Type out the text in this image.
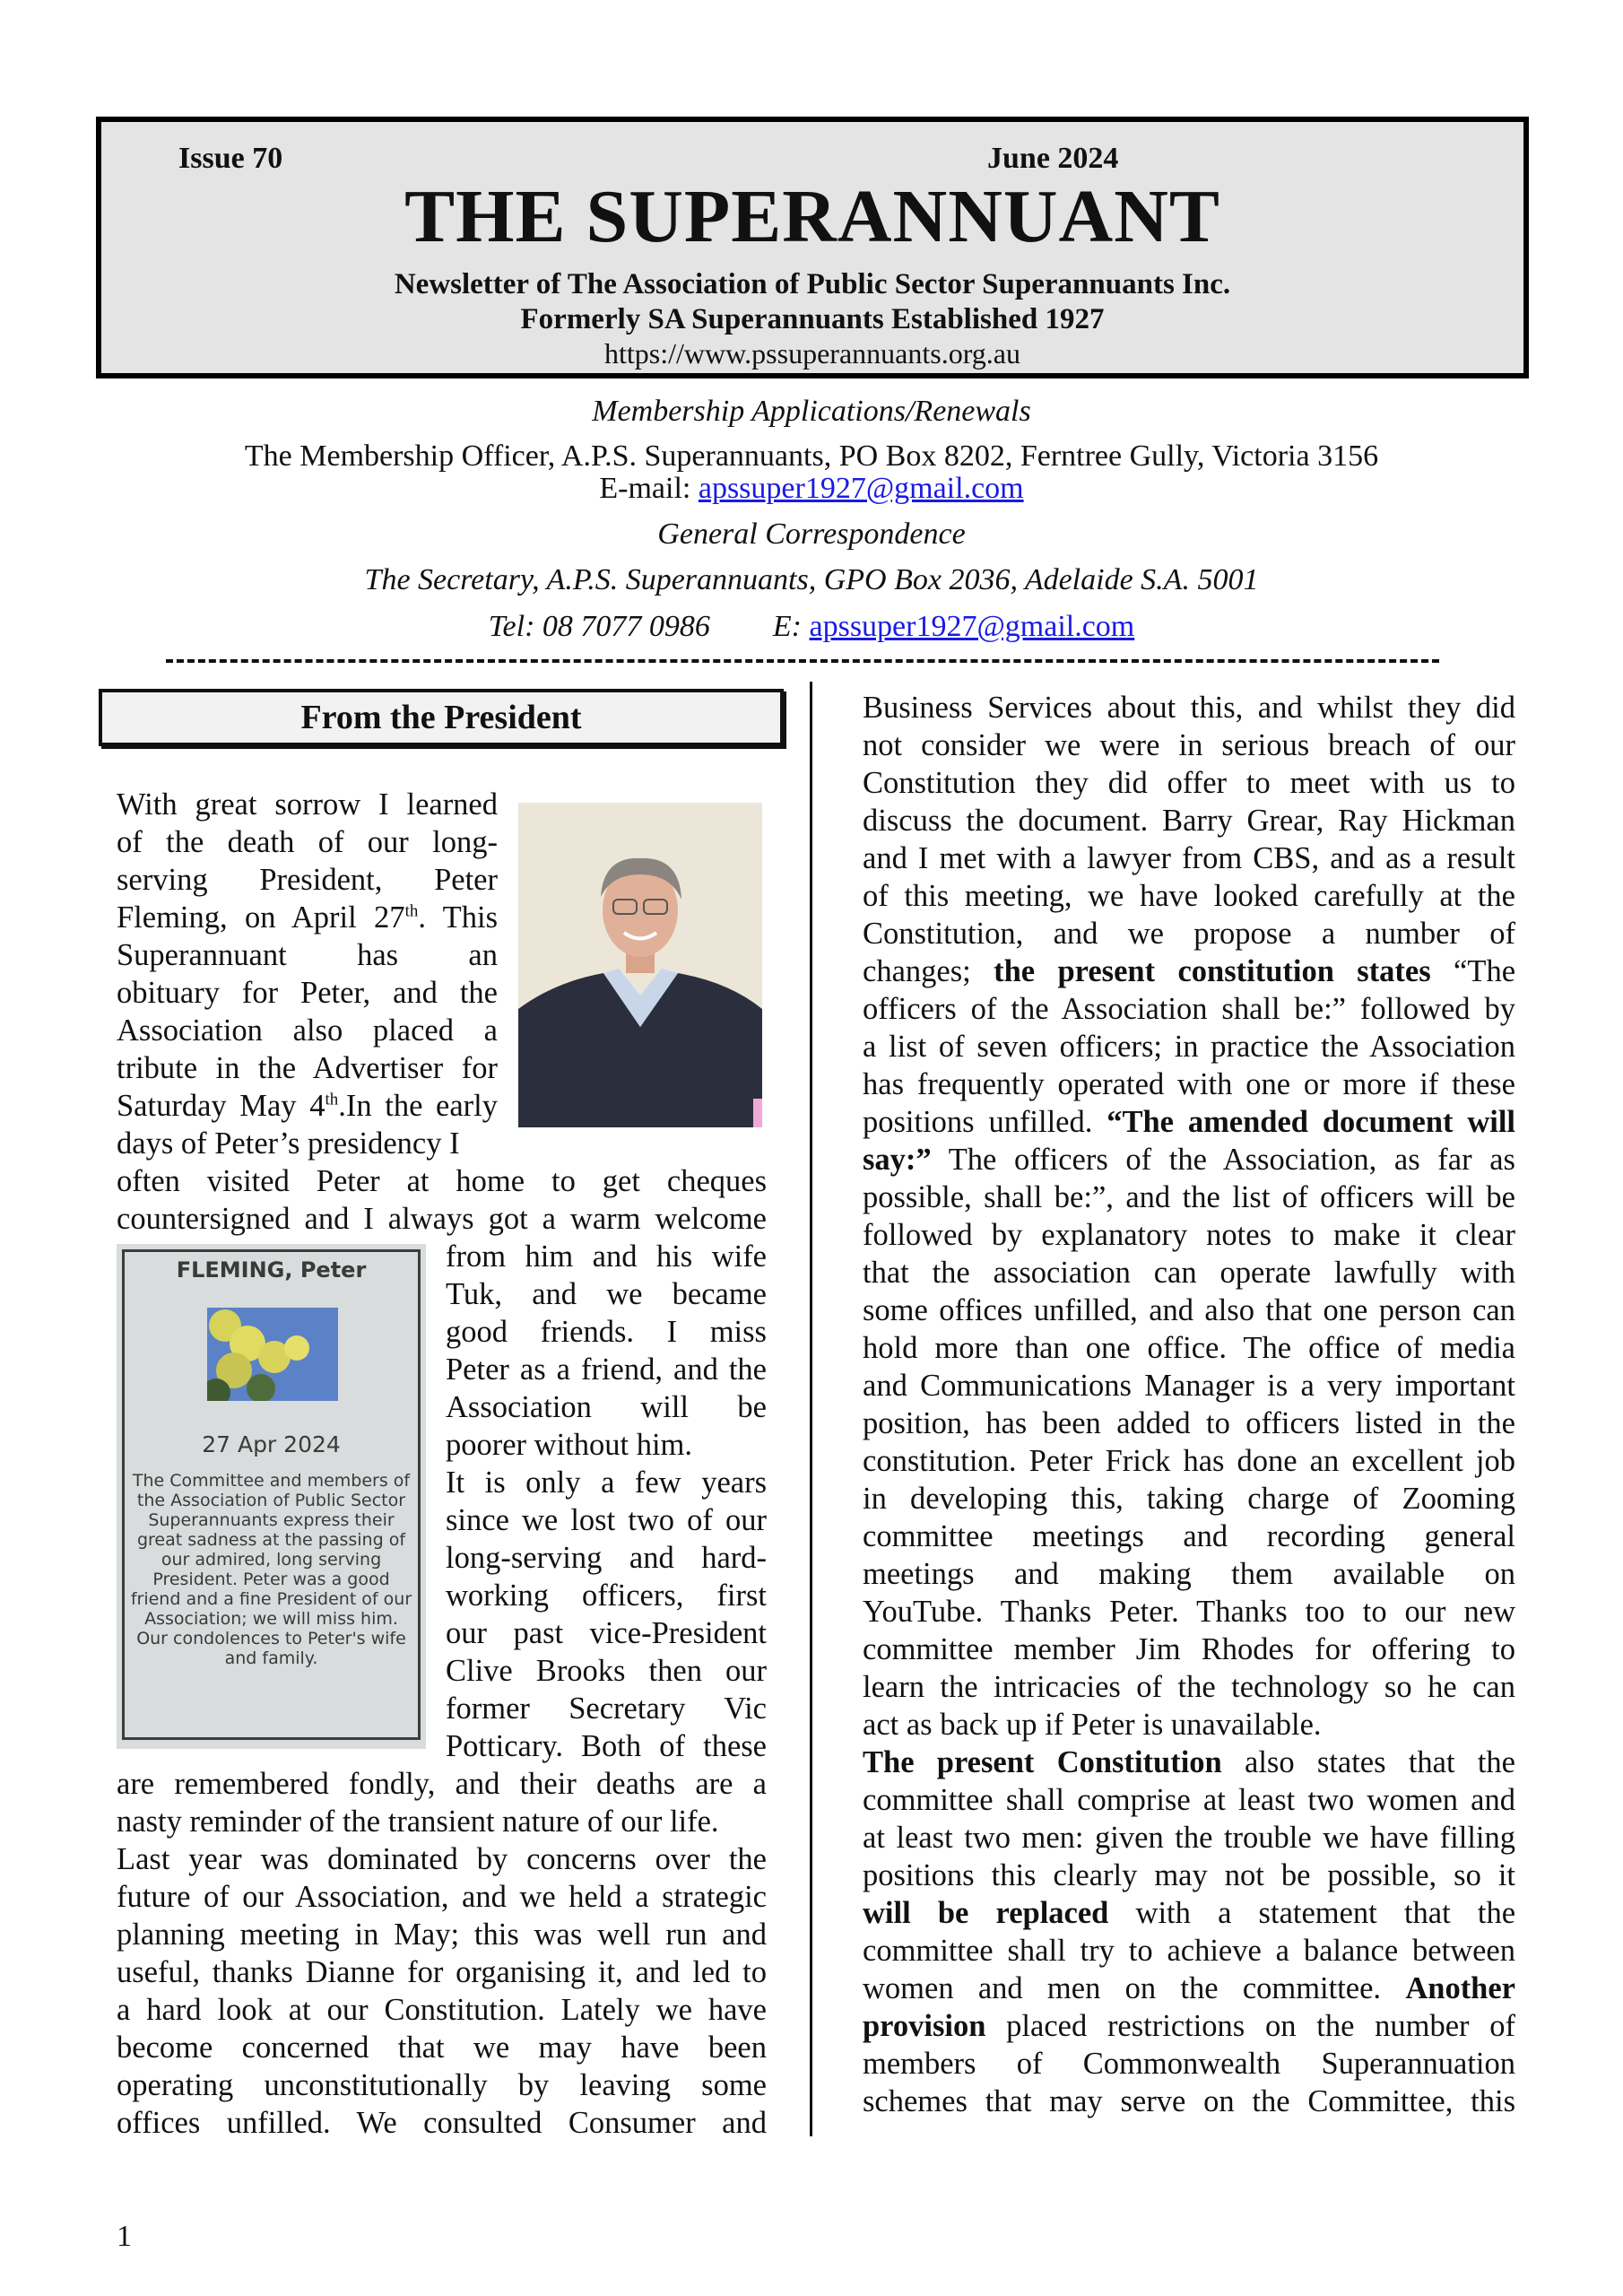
Issue 70	June 2024
THE SUPERANNUANT
Newsletter of The Association of Public Sector Superannuants Inc.
Formerly SA Superannuants Established 1927
https://www.pssuperannuants.org.au
Membership Applications/Renewals
The Membership Officer, A.P.S. Superannuants, PO Box 8202, Ferntree Gully, Victoria 3156
E-mail: apssuper1927@gmail.com
General Correspondence
The Secretary, A.P.S. Superannuants, GPO Box 2036, Adelaide S.A. 5001
Tel: 08 7077 0986 E: apssuper1927@gmail.com
From the President
With great sorrow I learned
of the death of our long-
serving President, Peter
Fleming, on April 27th. This
Superannuant has an
obituary for Peter, and the
Association also placed a
tribute in the Advertiser for
Saturday May 4th.In the early
days of Peter’s presidency I
often visited Peter at home to get cheques
countersigned and I always got a warm welcome
from him and his wife
Tuk, and we became
good friends. I miss
Peter as a friend, and the
Association will be
poorer without him.
It is only a few years
since we lost two of our
long-serving and hard-
working officers, first
our past vice-President
Clive Brooks then our
former Secretary Vic
Potticary. Both of these
are remembered fondly, and their deaths are a
nasty reminder of the transient nature of our life.
Last year was dominated by concerns over the
future of our Association, and we held a strategic
planning meeting in May; this was well run and
useful, thanks Dianne for organising it, and led to
a hard look at our Constitution. Lately we have
become concerned that we may have been
operating unconstitutionally by leaving some
offices unfilled. We consulted Consumer and
FLEMING, Peter
27 Apr 2024
The Committee and members of the Association of Public Sector Superannuants express their great sadness at the passing of our admired, long serving President. Peter was a good friend and a fine President of our Association; we will miss him. Our condolences to Peter's wife and family.
Business Services about this, and whilst they did
not consider we were in serious breach of our
Constitution they did offer to meet with us to
discuss the document. Barry Grear, Ray Hickman
and I met with a lawyer from CBS, and as a result
of this meeting, we have looked carefully at the
Constitution, and we propose a number of
changes; the present constitution states “The
officers of the Association shall be:” followed by
a list of seven officers; in practice the Association
has frequently operated with one or more if these
positions unfilled. “The amended document will
say:” The officers of the Association, as far as
possible, shall be:”, and the list of officers will be
followed by explanatory notes to make it clear
that the association can operate lawfully with
some offices unfilled, and also that one person can
hold more than one office. The office of media
and Communications Manager is a very important
position, has been added to officers listed in the
constitution. Peter Frick has done an excellent job
in developing this, taking charge of Zooming
committee meetings and recording general
meetings and making them available on
YouTube. Thanks Peter. Thanks too to our new
committee member Jim Rhodes for offering to
learn the intricacies of the technology so he can
act as back up if Peter is unavailable.
The present Constitution also states that the
committee shall comprise at least two women and
at least two men: given the trouble we have filling
positions this clearly may not be possible, so it
will be replaced with a statement that the
committee shall try to achieve a balance between
women and men on the committee. Another
provision placed restrictions on the number of
members of Commonwealth Superannuation
schemes that may serve on the Committee, this
1
